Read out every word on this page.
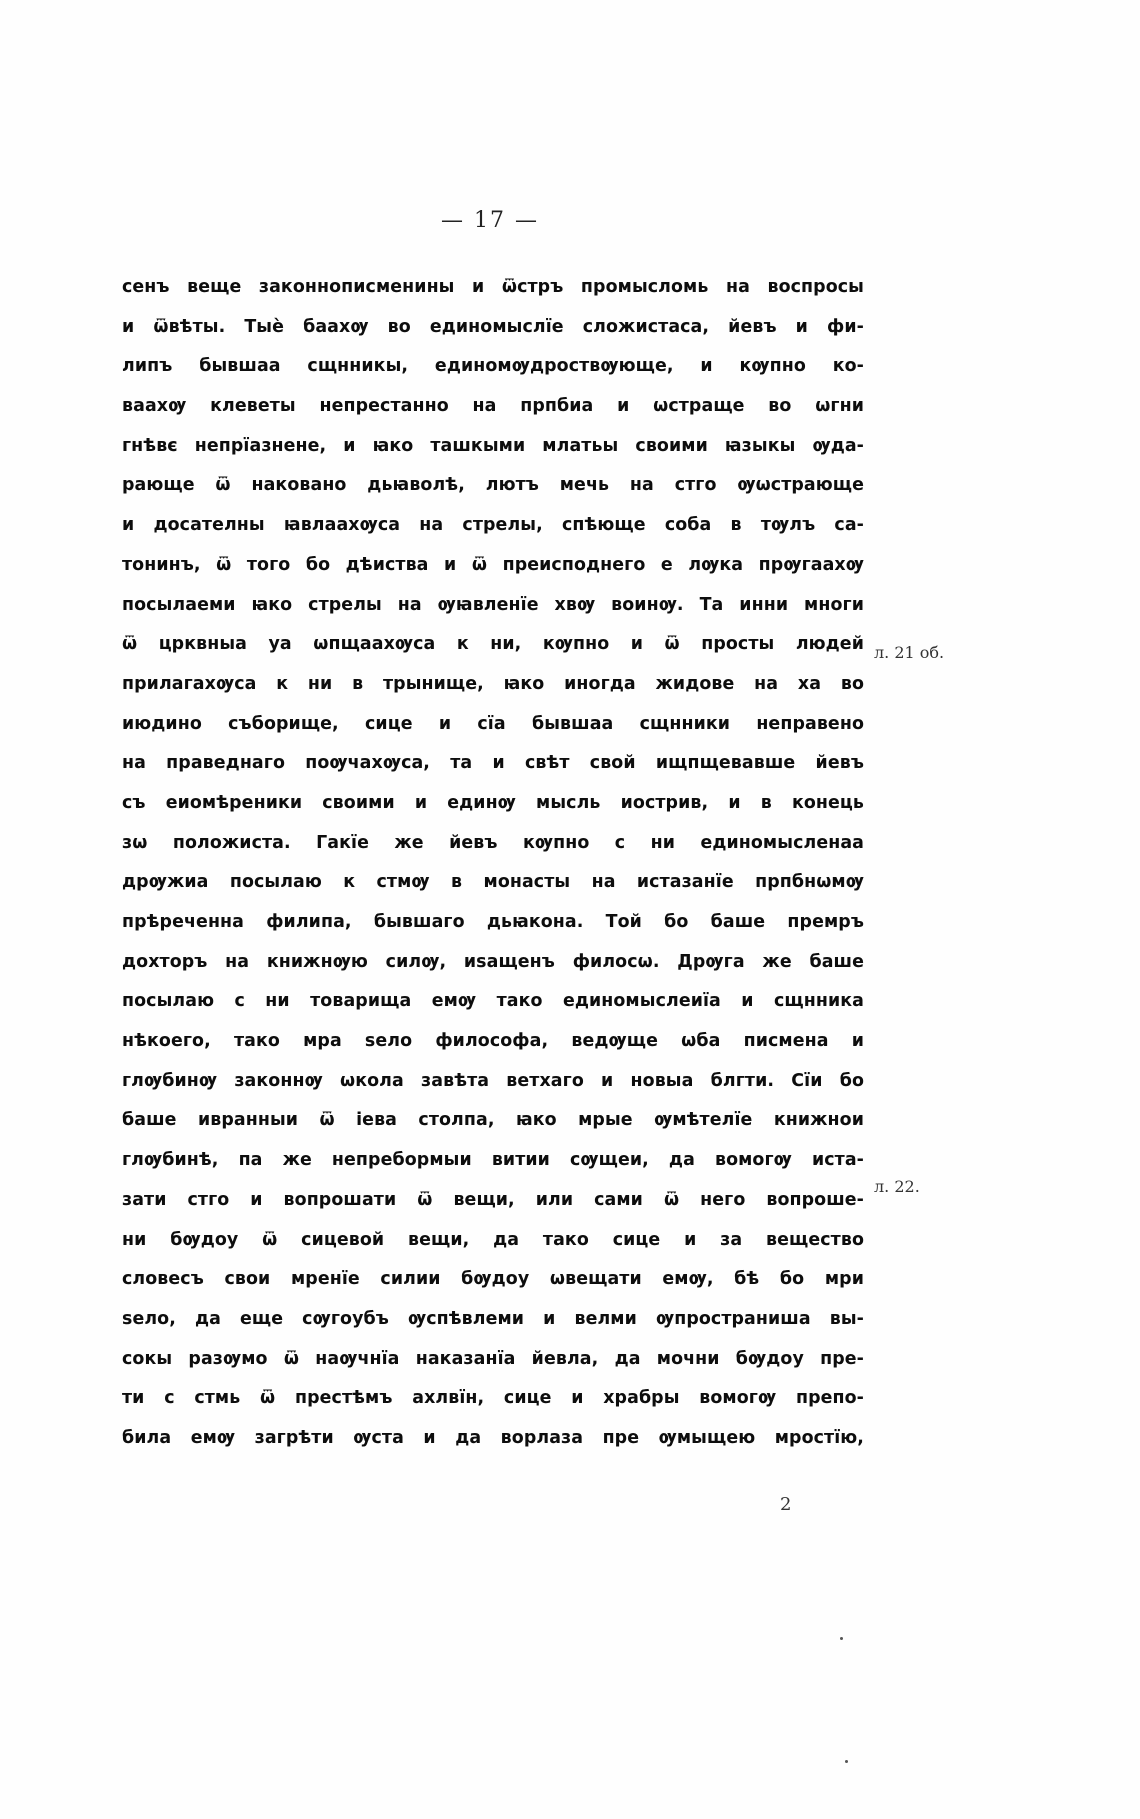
— 17 —
сенъ веще законнописменины и ѿстръ промысломь на воспросы
и ѿвѣты. Тыѐ баахѹ во единомыслїе сложистаса, йевъ и фи-
липъ бывшаа сщнникы, единомѹдроствѹюще, и кѹпно ко-
ваахѹ клеветы непрестанно на прпбиа и ѡстраще во ѡгни
гнѣвє непрїазнене, и ꙗко ташкыми млатьы своими ꙗзыкы ѹда-
рающе ѿ наковано дьꙗволѣ, лютъ мечь на стго ѹѡстрающе
и досателны ꙗвлаахѹса на стрелы, спѣюще соба в тѹлъ са-
тонинъ, ѿ того бо дѣиства и ѿ преисподнего е лѹка прѹгаахѹ
посылаеми ꙗко стрелы на ѹꙗвленїе хвѹ воинѹ. Та инни многи
ѿ црквныа уа ѡпщаахѹса к ни, кѹпно и ѿ просты людей
прилагахѹса к ни в трынище, ꙗко иногда жидове на ха во
июдино съборище, сице и сїа бывшаа сщнники неправено
на праведнаго поѹчахѹса, та и свѣт свой ищпщевавше йевъ
съ еиомѣреники своими и единѹ мысль иострив, и в конець
зѡ положиста. Гакїе же йевъ кѹпно с ни единомысленаа
дрѹжиа посылаю к стмѹ в монасты на истазанїе прпбнѡмѹ
прѣреченна филипа, бывшаго дьꙗкона. Той бо баше премръ
дохторъ на книжнѹю силѹ, иѕащенъ филосѡ. Дрѹга же баше
посылаю с ни товарища емѹ тако единомыслеиїа и сщнника
нѣкоего, тако мрa ѕело философа, ведѹще ѡба писмена и
глѹбинѹ законнѹ ѡкола завѣта ветхаго и новыа блгти. Сїи бо
баше иврaнныи ѿ iевa столпа, ꙗко мрые ѹмѣтелїе книжнои
глѹбинѣ, па же непребормыи витии сѹщеи, да вомогѹ иста-
зати стго и вопрошати ѿ вещи, или сами ѿ него вопроше-
ни бѹдоу ѿ сицевой вещи, да тако сице и за вещество
словесъ свои мренїе силии бѹдоу ѡвещати емѹ, бѣ бо мри
ѕело, да еще сѹгоубъ ѹспѣвлеми и велми ѹпространиша вы-
сокы разѹмо ѿ наѹчнїа наказанїа йевла, да мочни бѹдоу пре-
ти с стмь ѿ престѣмъ ахлвїн, сице и храбры вомогѹ препо-
била емѹ загрѣти ѹста и да ворлаза пре ѹмыщею мростїю,
л. 21 об.
л. 22.
2
